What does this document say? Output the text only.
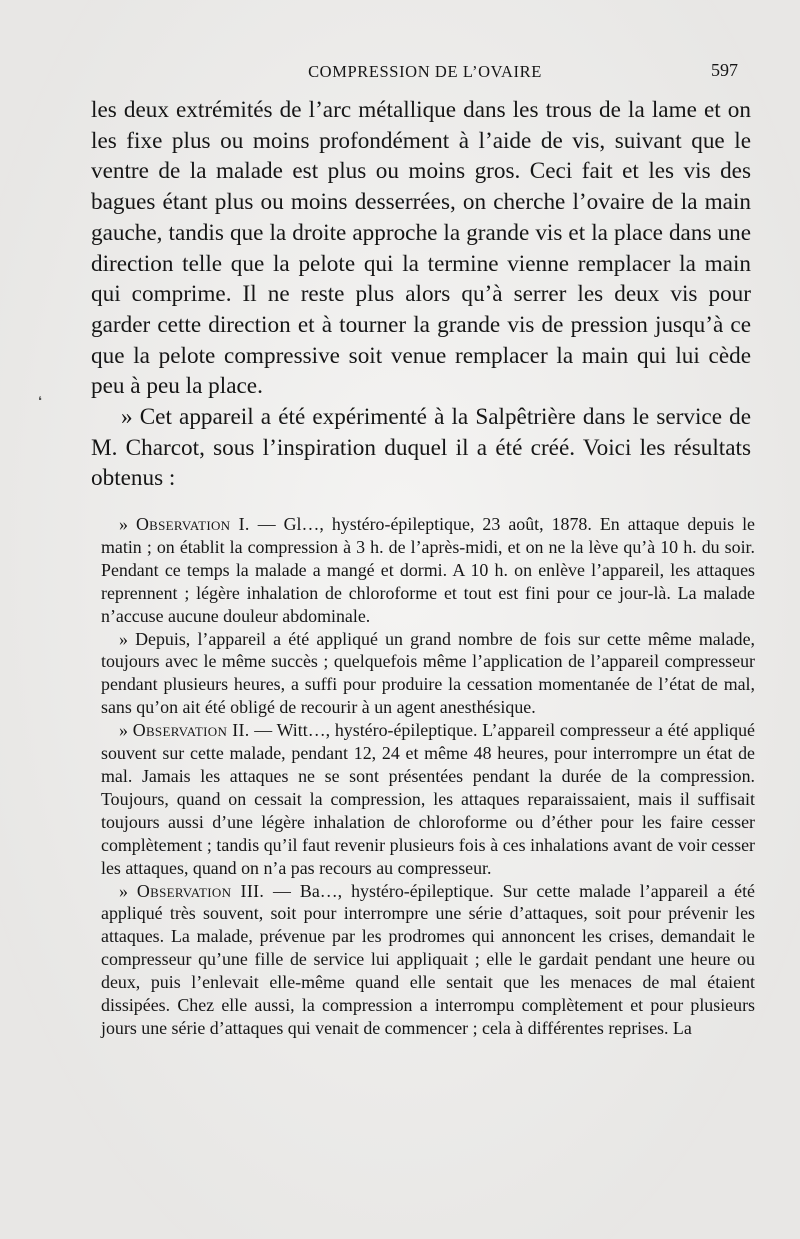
COMPRESSION DE L’OVAIRE	597
❛

les deux extrémités de l’arc métallique dans les trous de la lame et on les fixe plus ou moins profondément à l’aide de vis, suivant que le ventre de la malade est plus ou moins gros. Ceci fait et les vis des bagues étant plus ou moins desserrées, on cherche l’ovaire de la main gauche, tandis que la droite approche la grande vis et la place dans une direction telle que la pelote qui la termine vienne remplacer la main qui comprime. Il ne reste plus alors qu’à serrer les deux vis pour garder cette direction et à tourner la grande vis de pression jusqu’à ce que la pelote compressive soit venue remplacer la main qui lui cède peu à peu la place.

» Cet appareil a été expérimenté à la Salpêtrière dans le service de M. Charcot, sous l’inspiration duquel il a été créé. Voici les résultats obtenus :

» Observation I. — Gl…, hystéro-épileptique, 23 août, 1878. En attaque depuis le matin ; on établit la compression à 3 h. de l’après-midi, et on ne la lève qu’à 10 h. du soir. Pendant ce temps la malade a mangé et dormi. A 10 h. on enlève l’appareil, les attaques reprennent ; légère inhalation de chloroforme et tout est fini pour ce jour-là. La malade n’accuse aucune douleur abdominale.

» Depuis, l’appareil a été appliqué un grand nombre de fois sur cette même malade, toujours avec le même succès ; quelquefois même l’application de l’appareil compresseur pendant plusieurs heures, a suffi pour produire la cessation momentanée de l’état de mal, sans qu’on ait été obligé de recourir à un agent anesthésique.

» Observation II. — Witt…, hystéro-épileptique. L’appareil compresseur a été appliqué souvent sur cette malade, pendant 12, 24 et même 48 heures, pour interrompre un état de mal. Jamais les attaques ne se sont présentées pendant la durée de la compression. Toujours, quand on cessait la compression, les attaques reparaissaient, mais il suffisait toujours aussi d’une légère inhalation de chloroforme ou d’éther pour les faire cesser complètement ; tandis qu’il faut revenir plusieurs fois à ces inhalations avant de voir cesser les attaques, quand on n’a pas recours au compresseur.

» Observation III. — Ba…, hystéro-épileptique. Sur cette malade l’appareil a été appliqué très souvent, soit pour interrompre une série d’attaques, soit pour prévenir les attaques. La malade, prévenue par les prodromes qui annoncent les crises, demandait le compresseur qu’une fille de service lui appliquait ; elle le gardait pendant une heure ou deux, puis l’enlevait elle-même quand elle sentait que les menaces de mal étaient dissipées. Chez elle aussi, la compression a interrompu complètement et pour plusieurs jours une série d’attaques qui venait de commencer ; cela à différentes reprises. La
